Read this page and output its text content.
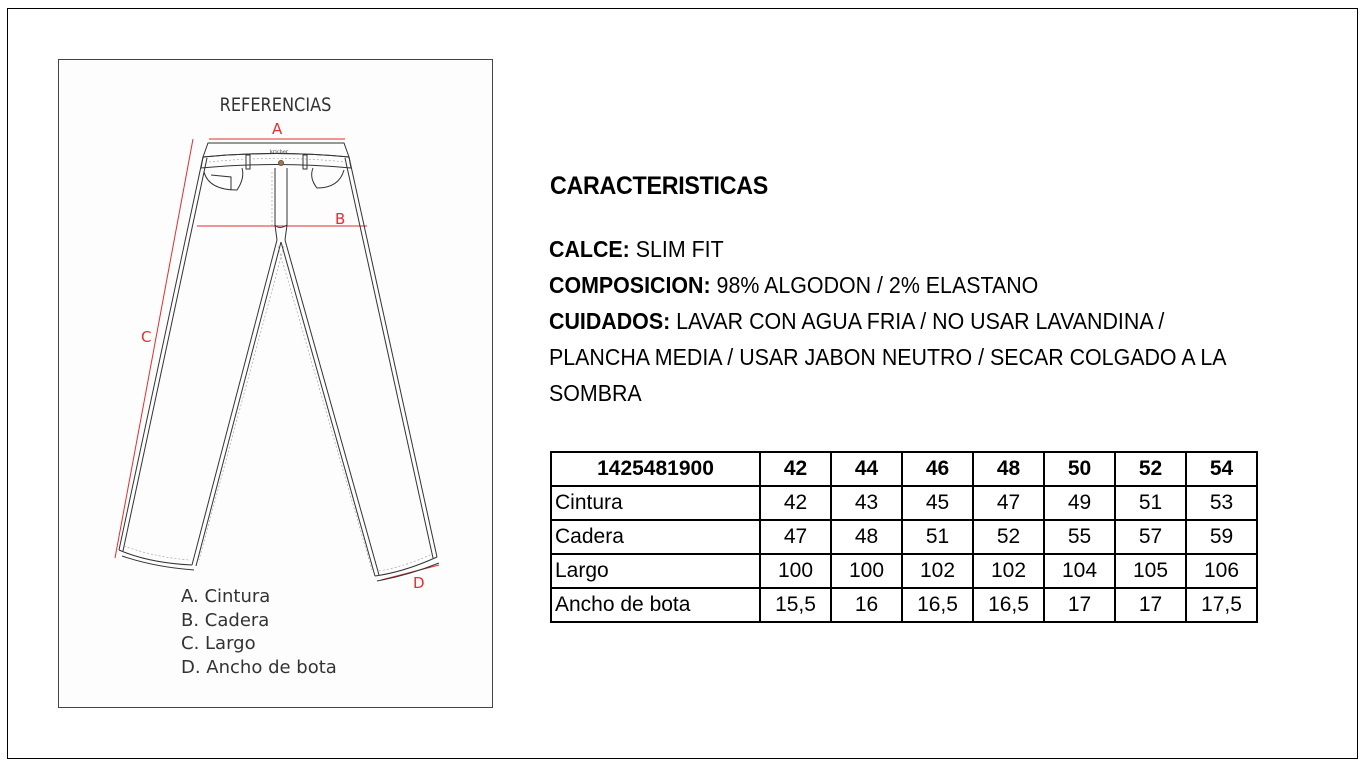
REFERENCIAS
kricher
A
B
C
D
A. Cintura
B. Cadera
C. Largo
D. Ancho de bota
CARACTERISTICAS
CALCE: SLIM FIT
COMPOSICION: 98% ALGODON / 2% ELASTANO
CUIDADOS: LAVAR CON AGUA FRIA / NO USAR LAVANDINA / PLANCHA MEDIA / USAR JABON NEUTRO / SECAR COLGADO A LA SOMBRA
1425481900	42	44	46	48	50	52	54
Cintura	42	43	45	47	49	51	53
Cadera	47	48	51	52	55	57	59
Largo	100	100	102	102	104	105	106
Ancho de bota	15,5	16	16,5	16,5	17	17	17,5
